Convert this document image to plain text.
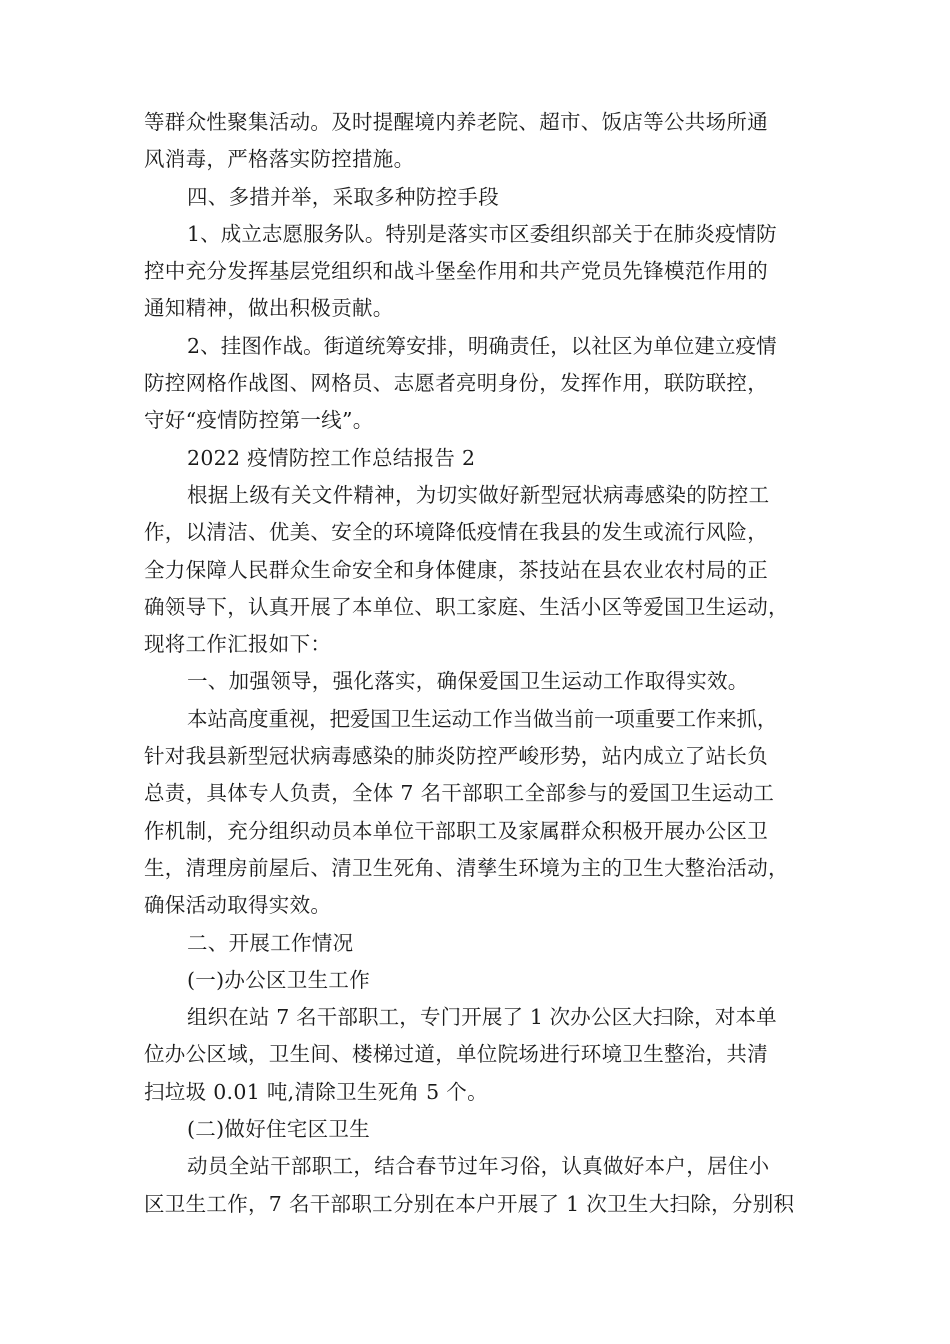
等群众性聚集活动。及时提醒境内养老院、超市、饭店等公共场所通
风消毒，严格落实防控措施。
四、多措并举，采取多种防控手段
1、成立志愿服务队。特别是落实市区委组织部关于在肺炎疫情防
控中充分发挥基层党组织和战斗堡垒作用和共产党员先锋模范作用的
通知精神，做出积极贡献。
2、挂图作战。街道统筹安排，明确责任，以社区为单位建立疫情
防控网格作战图、网格员、志愿者亮明身份，发挥作用，联防联控，
守好“疫情防控第一线”。
2022 疫情防控工作总结报告 2
根据上级有关文件精神，为切实做好新型冠状病毒感染的防控工
作，以清洁、优美、安全的环境降低疫情在我县的发生或流行风险，
全力保障人民群众生命安全和身体健康，茶技站在县农业农村局的正
确领导下，认真开展了本单位、职工家庭、生活小区等爱国卫生运动，
现将工作汇报如下：
一、加强领导，强化落实，确保爱国卫生运动工作取得实效。
本站高度重视，把爱国卫生运动工作当做当前一项重要工作来抓，
针对我县新型冠状病毒感染的肺炎防控严峻形势，站内成立了站长负
总责，具体专人负责，全体 7 名干部职工全部参与的爱国卫生运动工
作机制，充分组织动员本单位干部职工及家属群众积极开展办公区卫
生，清理房前屋后、清卫生死角、清孳生环境为主的卫生大整治活动，
确保活动取得实效。
二、开展工作情况
(一)办公区卫生工作
组织在站 7 名干部职工，专门开展了 1 次办公区大扫除，对本单
位办公区域，卫生间、楼梯过道，单位院场进行环境卫生整治，共清
扫垃圾 0.01 吨,清除卫生死角 5 个。
(二)做好住宅区卫生
动员全站干部职工，结合春节过年习俗，认真做好本户，居住小
区卫生工作，7 名干部职工分别在本户开展了 1 次卫生大扫除，分别积
